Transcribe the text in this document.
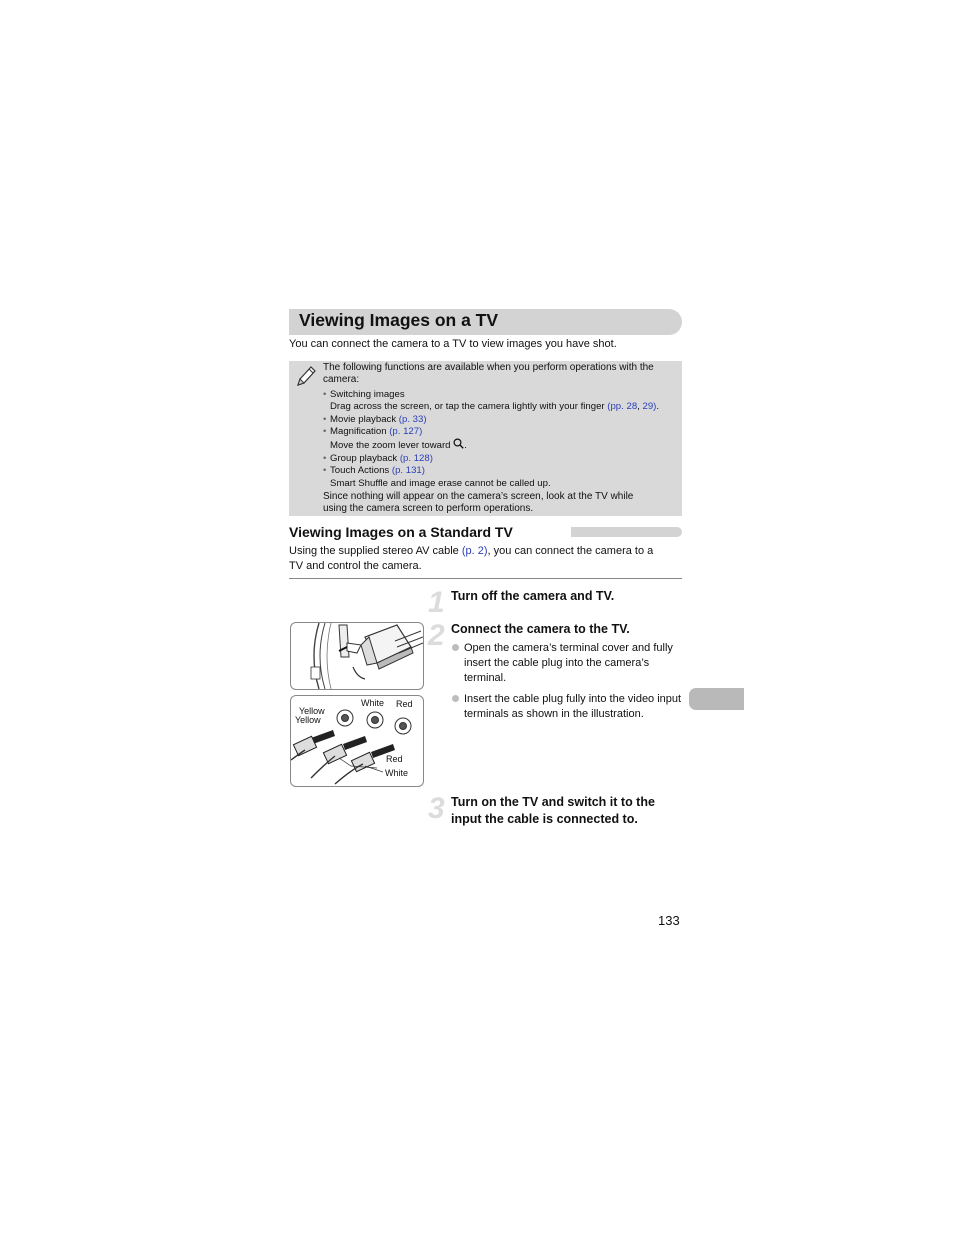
Viewing Images on a TV
You can connect the camera to a TV to view images you have shot.
The following functions are available when you perform operations with the
camera:
• Switching images
Drag across the screen, or tap the camera lightly with your finger (pp. 28, 29).
• Movie playback (p. 33)
• Magnification (p. 127)
Move the zoom lever toward .
• Group playback (p. 128)
• Touch Actions (p. 131)
Smart Shuffle and image erase cannot be called up.
Since nothing will appear on the camera’s screen, look at the TV while
using the camera screen to perform operations.
Viewing Images on a Standard TV
Using the supplied stereo AV cable (p. 2), you can connect the camera to a
TV and control the camera.
1 Turn off the camera and TV.
2 Connect the camera to the TV.
Open the camera’s terminal cover and fully insert the cable plug into the camera’s terminal.
Insert the cable plug fully into the video input terminals as shown in the illustration.
3 Turn on the TV and switch it to the
input the cable is connected to.
Yellow
Yellow
White Red
Red
White
133
